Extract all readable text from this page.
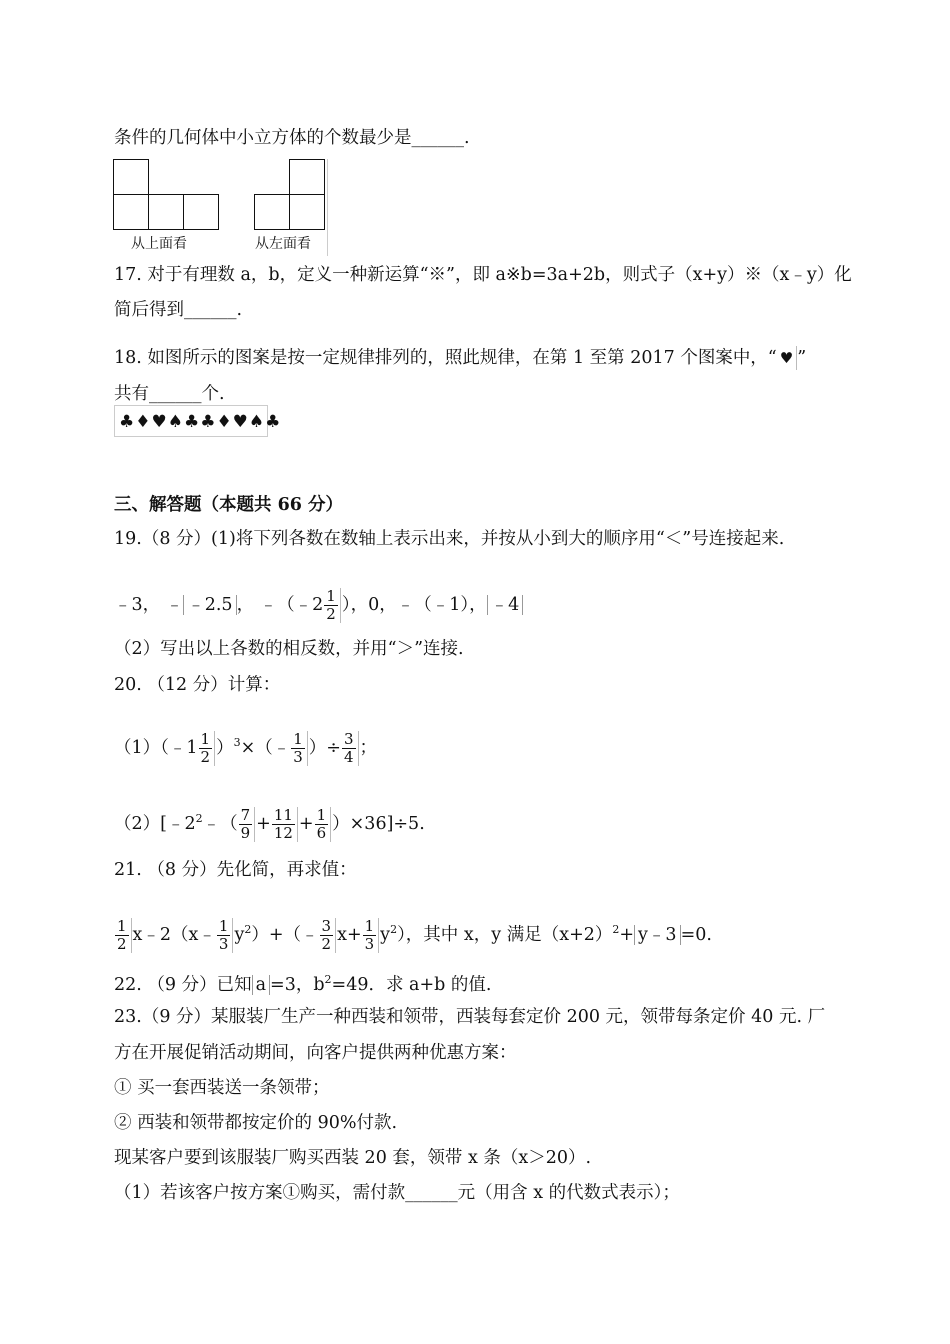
条件的几何体中小立方体的个数最少是______.
从上面看	从左面看
17. 对于有理数 a，b，定义一种新运算“※”，即 a※b=3a+2b，则式子（x+y）※（x﹣y）化
简后得到______.
18. 如图所示的图案是按一定规律排列的，照此规律，在第 1 至第 2017 个图案中，“ ♥ ”
共有______个.
♣♦♥♠♣♣♦♥♠♣
三、解答题（本题共 66 分）
19.（8 分）(1)将下列各数在数轴上表示出来，并按从小到大的顺序用“＜”号连接起来.
﹣3， ﹣ ﹣2.5 ， ﹣（﹣2 $\frac{1}{2}$ ），0，﹣（﹣1）， ﹣4
（2）写出以上各数的相反数，并用“＞”连接.
20. （12 分）计算：
（1）（﹣1 $\frac{1}{2}$ ）$^3$×（﹣ $\frac{1}{3}$ ）÷ $\frac{3}{4}$ ；
$(2)[﹣2^2﹣( \frac{7}{9} + \frac{11}{12} + \frac{1}{6} )\times 36]\div 5$.
21. （8 分）先化简，再求值：
$\frac{1}{2}$ x﹣2（x﹣ $\frac{1}{3}$ $y^2)+(﹣ \frac{3}{2} x+ \frac{1}{3} y^2)$，其中 x，y 满足$(x+2)^2+$ y﹣3 =0.
22. （9 分）已知 a =3，$b^2=49$．求 a+b 的值.
23.（9 分）某服装厂生产一种西装和领带，西装每套定价 200 元，领带每条定价 40 元. 厂
方在开展促销活动期间，向客户提供两种优惠方案：
① 买一套西装送一条领带；
② 西装和领带都按定价的 90%付款.
现某客户要到该服装厂购买西装 20 套，领带 x 条（x＞20）.
（1）若该客户按方案①购买，需付款______元（用含 x 的代数式表示）；
